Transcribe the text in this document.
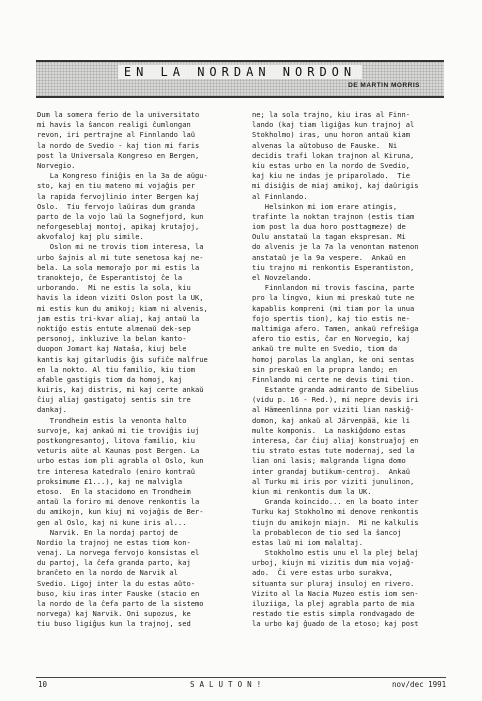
EN LA NORDAN NORDON
DE MARTIN MORRIS
Dum la somera ferio de la universitato
mi havis la ŝancon realigi ĉumlongan
revon, iri pertrajne al Finnlando laŭ
la nordo de Svedio - kaj tion mi faris
post la Universala Kongreso en Bergen,
Norvegio.
La Kongreso finiĝis en la 3a de aŭgu-
sto, kaj en tiu mateno mi vojaĝis per
la rapida fervojlinio inter Bergen kaj
Oslo.  Tiu fervojo laŭiras dum granda
parto de la vojo laŭ la Sognefjord, kun
neforgeseblaj montoj, apikaj krutaĵoj,
akvofaloj kaj plu simile.
Oslon mi ne trovis tiom interesa, la
urbo ŝajnis al mi tute senetosa kaj ne-
bela. La sola memoraĵo por mi estis la
tranoktejo, ĉe Esperantistoj ĉe la
urborando.  Mi ne estis la sola, kiu
havis la ideon viziti Oslon post la UK,
mi estis kun du amikoj; kiam ni alvenis,
jam estis tri-kvar aliaj, kaj antaŭ la
noktiĝo estis entute almenaŭ dek-sep
personoj, inkluzive la belan kanto-
duopon Jomart kaj Nataŝa, kiuj bele
kantis kaj gitarludis ĝis sufiĉe malfrue
en la nokto. Al tiu familio, kiu tiom
afable gastigis tiom da homoj, kaj
kuiris, kaj distris, mi kaj certe ankaŭ
ĉiuj aliaj gastigatoj sentis sin tre
dankaj.
Trondheim estis la venonta halto
survoje, kaj ankaŭ mi tie troviĝis iuj
postkongresantoj, litova familio, kiu
veturis aŭte al Kaunas post Bergen. La
urbo estas iom pli agrabla ol Oslo, kun
tre interesa katedralo (eniro kontraŭ
proksimume £1...), kaj ne malvigla
etoso.  En la stacidomo en Trondheim
antaŭ la foriro mi denove renkontis la
du amikojn, kun kiuj mi vojaĝis de Ber-
gen al Oslo, kaj ni kune iris al...
Narvik. En la nordaj partoj de
Nordio la trajnoj ne estas tiom kon-
venaj. La norvega fervojo konsistas el
du partoj, la ĉefa granda parto, kaj
branĉeto en la nordo de Narvik al
Svedio. Ligoj inter la du estas aŭto-
buso, kiu iras inter Fauske (stacio en
la nordo de la ĉefa parto de la sistemo
norvega) kaj Narvik. Oni supozus, ke
tiu buso ligiĝus kun la trajnoj, sed
ne; la sola trajno, kiu iras al Finn-
lando (kaj tiam ligiĝas kun trajnoj al
Stokholmo) iras, unu horon antaŭ kiam
alvenas la aŭtobuso de Fauske.  Ni
decidis trafi lokan trajnon al Kiruna,
kiu estas urbo en la nordo de Svedio,
kaj kiu ne indas je priparolado.  Tie
mi disiĝis de miaj amikoj, kaj daŭrigis
al Finnlando.
Helsinkon mi iom erare atingis,
trafinte la noktan trajnon (estis tiam
iom post la dua horo posttagmeze) de
Oulu anstataŭ la tagan ekspresan. Mi
do alvenis je la 7a la venontan matenon
anstataŭ je la 9a vespere.  Ankaŭ en
tiu trajno mi renkontis Esperantiston,
el Novzelando.
Finnlandon mi trovis fascina, parte
pro la lingvo, kiun mi preskaŭ tute ne
kapablis kompreni (mi tiam por la unua
fojo spertis tion), kaj tio estis ne-
maltimiga afero. Tamen, ankaŭ refreŝiga
afero tio estis, ĉar en Norvegio, kaj
ankaŭ tre multe en Svedio, tiom da
homoj parolas la anglan, ke oni sentas
sin preskaŭ en la propra lando; en
Finnlando mi certe ne devis timi tion.
Estante granda admiranto de Sibelius
(vidu p. 16 - Red.), mi nepre devis iri
al Hämeenlinna por viziti lian naskiĝ-
domon, kaj ankaŭ al Järvenpää, kie li
multe komponis.  La naskiĝdomo estas
interesa, ĉar ĉiuj aliaj konstruaĵoj en
tiu strato estas tute modernaj, sed la
lian oni lasis; malgranda ligna domo
inter grandaj butikum-centroj.  Ankaŭ
al Turku mi iris por viziti junulinon,
kiun mi renkontis dum la UK.
Granda koincido... en la boato inter
Turku kaj Stokholmo mi denove renkontis
tiujn du amikojn miajn.  Mi ne kalkulis
la probablecon de tio sed la ŝancoj
estas laŭ mi iom malaltaj.
Stokholmo estis unu el la plej belaj
urboj, kiujn mi vizitis dum mia vojaĝ-
ado.  Ĉi vere estas urbo surakva,
situanta sur pluraj insuloj en rivero.
Vizito al la Nacia Muzeo estis iom sen-
iluziiga, la plej agrabla parto de mia
restado tie estis simpla rondvagado de
la urbo kaj ĝuado de la etoso; kaj post
10	SALUTON!	nov/dec 1991
